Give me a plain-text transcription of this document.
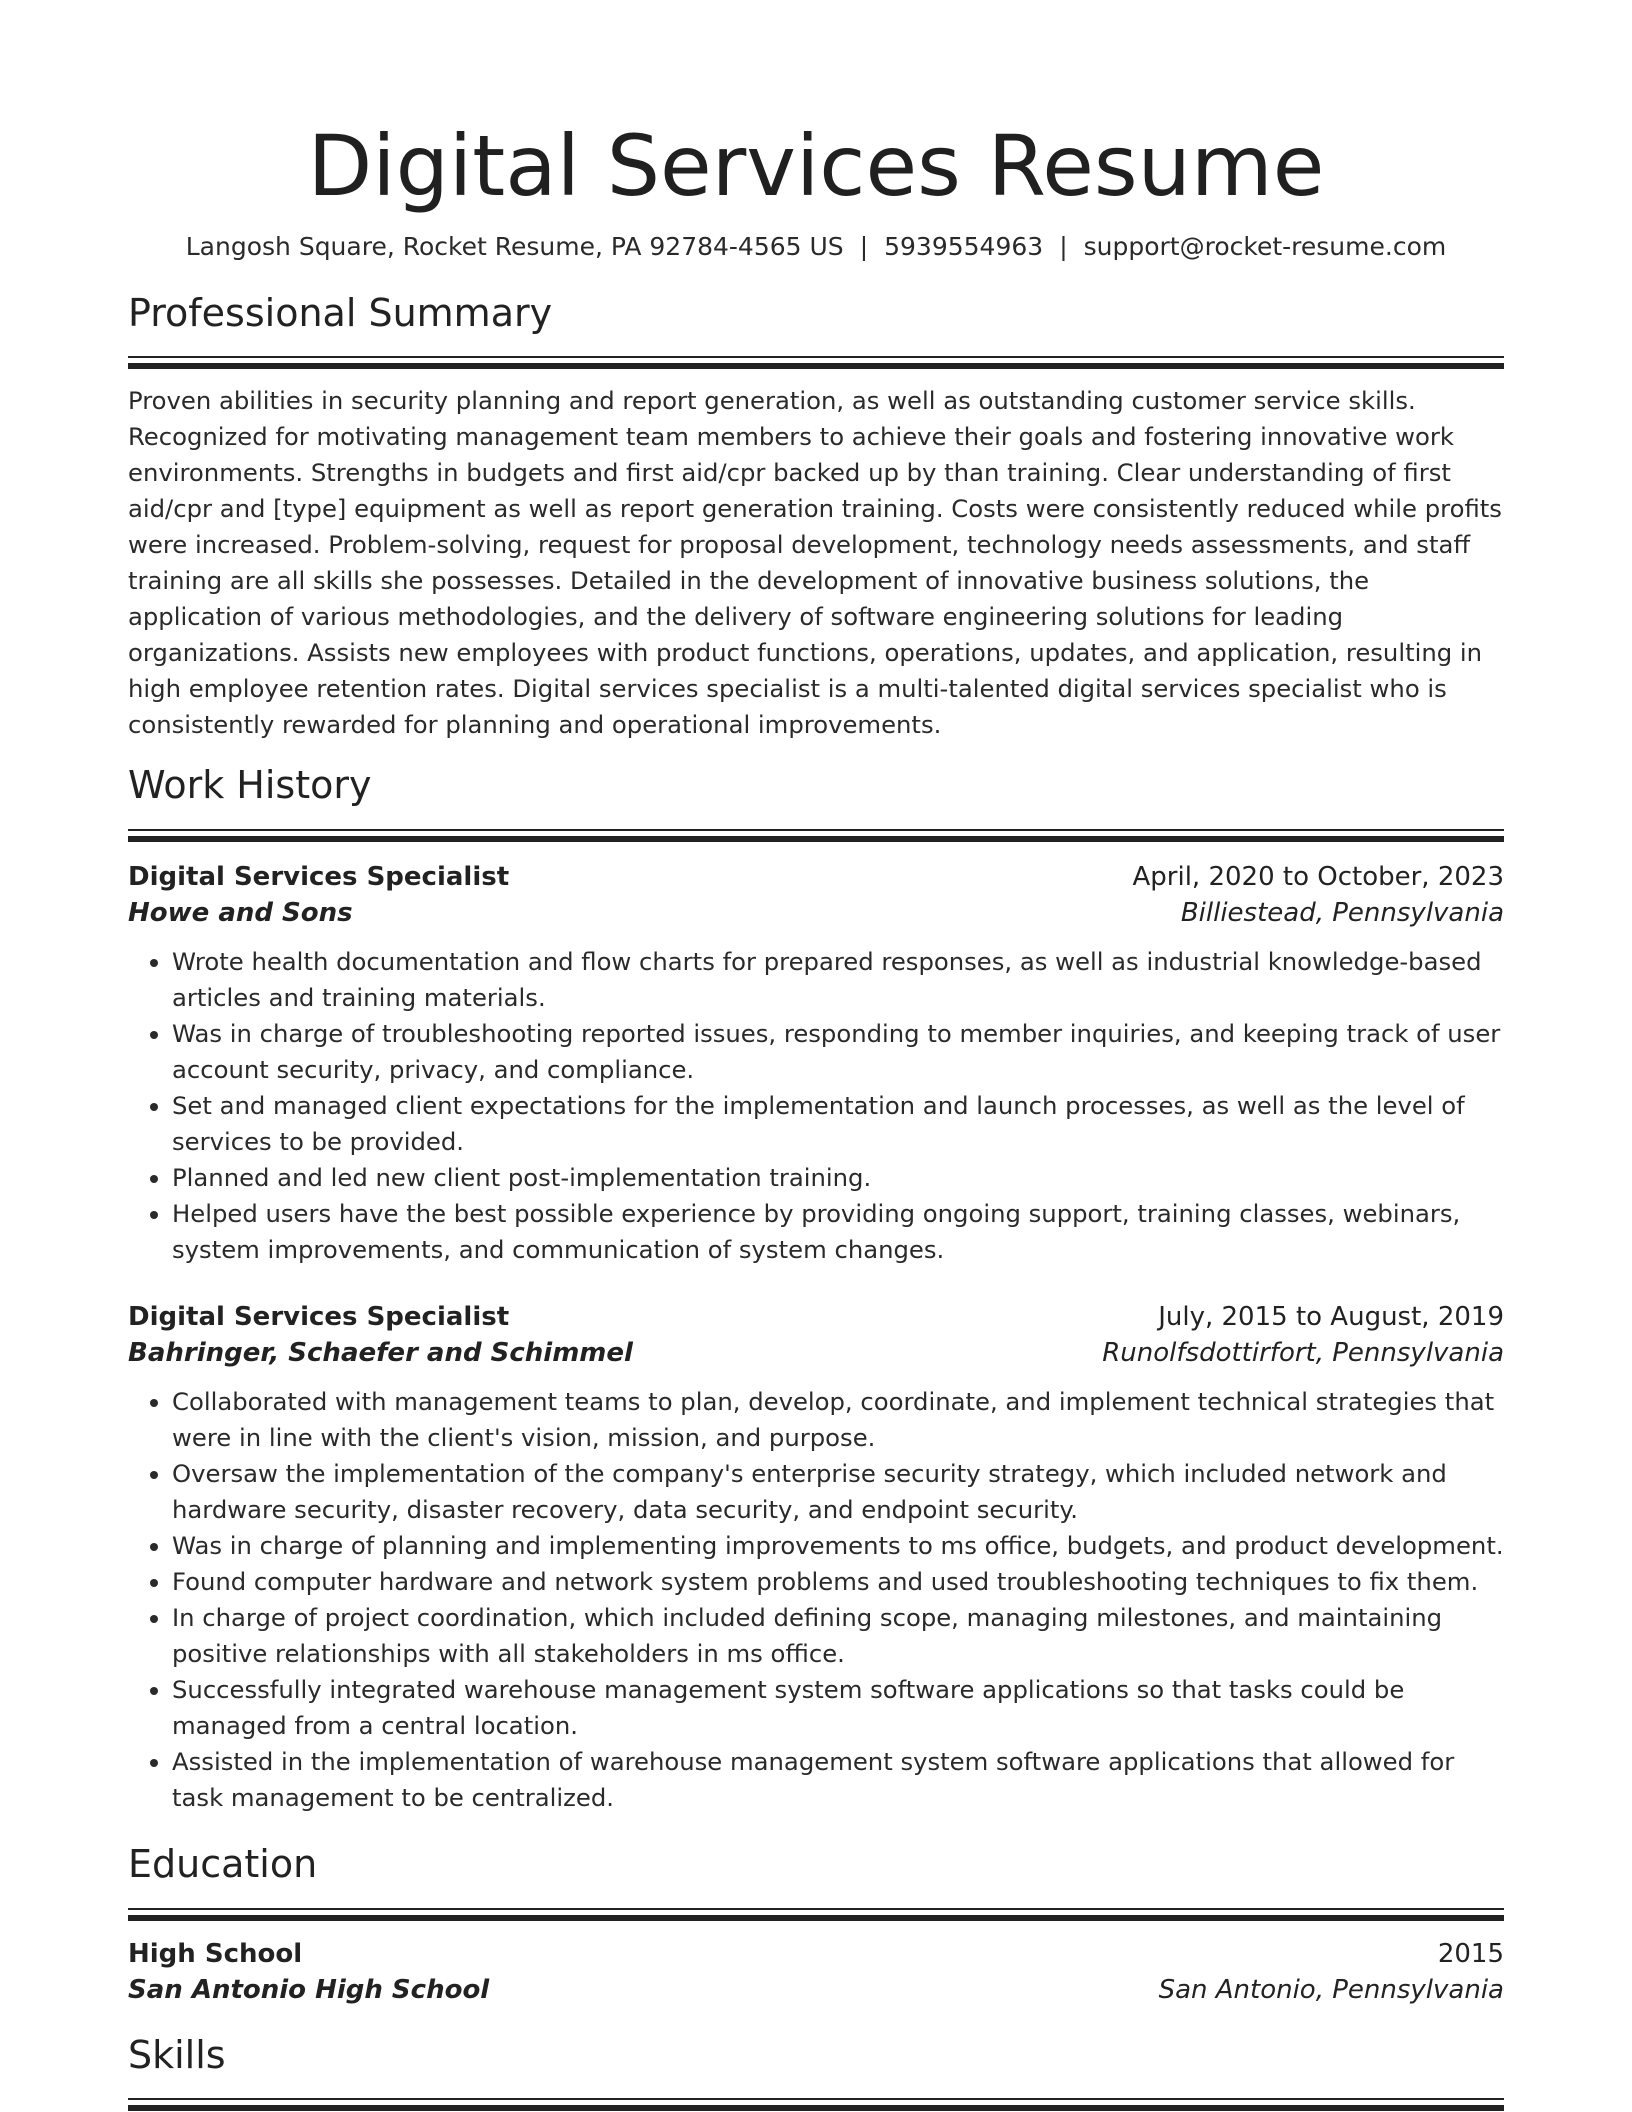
Digital Services Resume
Langosh Square, Rocket Resume, PA 92784-4565 US | 5939554963 | support@rocket-resume.com
Professional Summary

Proven abilities in security planning and report generation, as well as outstanding customer service skills. Recognized for motivating management team members to achieve their goals and fostering innovative work environments. Strengths in budgets and first aid/cpr backed up by than training. Clear understanding of first aid/cpr and [type] equipment as well as report generation training. Costs were consistently reduced while profits were increased. Problem-solving, request for proposal development, technology needs assessments, and staff training are all skills she possesses. Detailed in the development of innovative business solutions, the application of various methodologies, and the delivery of software engineering solutions for leading organizations. Assists new employees with product functions, operations, updates, and application, resulting in high employee retention rates. Digital services specialist is a multi-talented digital services specialist who is consistently rewarded for planning and operational improvements.

Work History
Digital Services Specialist	April, 2020 to October, 2023
Howe and Sons	Billiestead, Pennsylvania
• Wrote health documentation and flow charts for prepared responses, as well as industrial knowledge-based articles and training materials.
• Was in charge of troubleshooting reported issues, responding to member inquiries, and keeping track of user account security, privacy, and compliance.
• Set and managed client expectations for the implementation and launch processes, as well as the level of services to be provided.
• Planned and led new client post-implementation training.
• Helped users have the best possible experience by providing ongoing support, training classes, webinars, system improvements, and communication of system changes.
Digital Services Specialist	July, 2015 to August, 2019
Bahringer, Schaefer and Schimmel	Runolfsdottirfort, Pennsylvania
• Collaborated with management teams to plan, develop, coordinate, and implement technical strategies that were in line with the client's vision, mission, and purpose.
• Oversaw the implementation of the company's enterprise security strategy, which included network and hardware security, disaster recovery, data security, and endpoint security.
• Was in charge of planning and implementing improvements to ms office, budgets, and product development.
• Found computer hardware and network system problems and used troubleshooting techniques to fix them.
• In charge of project coordination, which included defining scope, managing milestones, and maintaining positive relationships with all stakeholders in ms office.
• Successfully integrated warehouse management system software applications so that tasks could be managed from a central location.
• Assisted in the implementation of warehouse management system software applications that allowed for task management to be centralized.
Education
High School	2015
San Antonio High School	San Antonio, Pennsylvania
Skills
